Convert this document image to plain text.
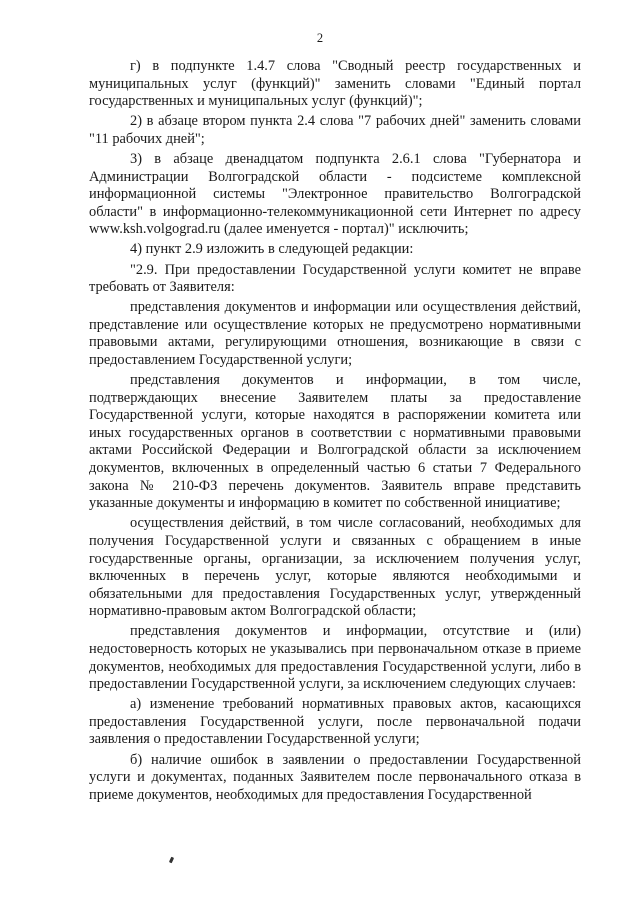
2

г) в подпункте 1.4.7 слова "Сводный реестр государственных и муниципальных услуг (функций)" заменить словами "Единый портал государственных и муниципальных услуг (функций)";

2) в абзаце втором пункта 2.4 слова "7 рабочих дней" заменить словами "11 рабочих дней";

3) в абзаце двенадцатом подпункта 2.6.1 слова "Губернатора и Администрации Волгоградской области - подсистеме комплексной информационной системы "Электронное правительство Волгоградской области" в информационно-телекоммуникационной сети Интернет по адресу www.ksh.volgograd.ru (далее именуется - портал)" исключить;

4) пункт 2.9 изложить в следующей редакции:

"2.9. При предоставлении Государственной услуги комитет не вправе требовать от Заявителя:

представления документов и информации или осуществления действий, представление или осуществление которых не предусмотрено нормативными правовыми актами, регулирующими отношения, возникающие в связи с предоставлением Государственной услуги;

представления документов и информации, в том числе, подтверждающих внесение Заявителем платы за предоставление Государственной услуги, которые находятся в распоряжении комитета или иных государственных органов в соответствии с нормативными правовыми актами Российской Федерации и Волгоградской области за исключением документов, включенных в определенный частью 6 статьи 7 Федерального закона № 210-ФЗ перечень документов. Заявитель вправе представить указанные документы и информацию в комитет по собственной инициативе;

осуществления действий, в том числе согласований, необходимых для получения Государственной услуги и связанных с обращением в иные государственные органы, организации, за исключением получения услуг, включенных в перечень услуг, которые являются необходимыми и обязательными для предоставления Государственных услуг, утвержденный нормативно-правовым актом Волгоградской области;

представления документов и информации, отсутствие и (или) недостоверность которых не указывались при первоначальном отказе в приеме документов, необходимых для предоставления Государственной услуги, либо в предоставлении Государственной услуги, за исключением следующих случаев:

а) изменение требований нормативных правовых актов, касающихся предоставления Государственной услуги, после первоначальной подачи заявления о предоставлении Государственной услуги;

б) наличие ошибок в заявлении о предоставлении Государственной услуги и документах, поданных Заявителем после первоначального отказа в приеме документов, необходимых для предоставления Государственной
